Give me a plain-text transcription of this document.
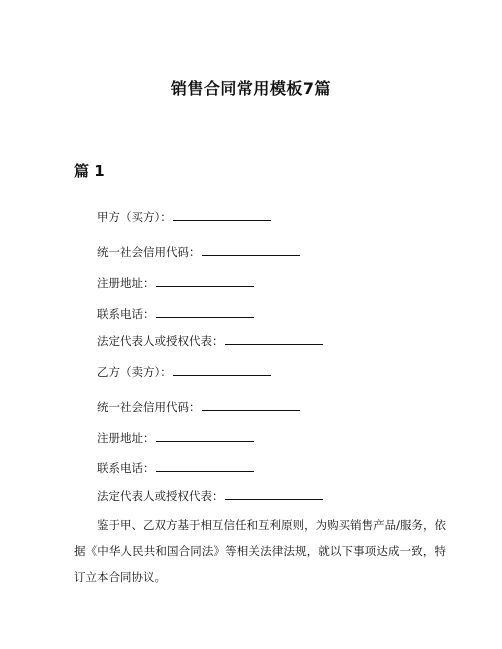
销售合同常用模板7篇
篇 1
甲方（买方）：
统一社会信用代码：
注册地址：
联系电话：
法定代表人或授权代表：
乙方（卖方）：
统一社会信用代码：
注册地址：
联系电话：
法定代表人或授权代表：
鉴于甲、乙双方基于相互信任和互利原则，为购买销售产品/服务，依据《中华人民共和国合同法》等相关法律法规，就以下事项达成一致，特订立本合同协议。
